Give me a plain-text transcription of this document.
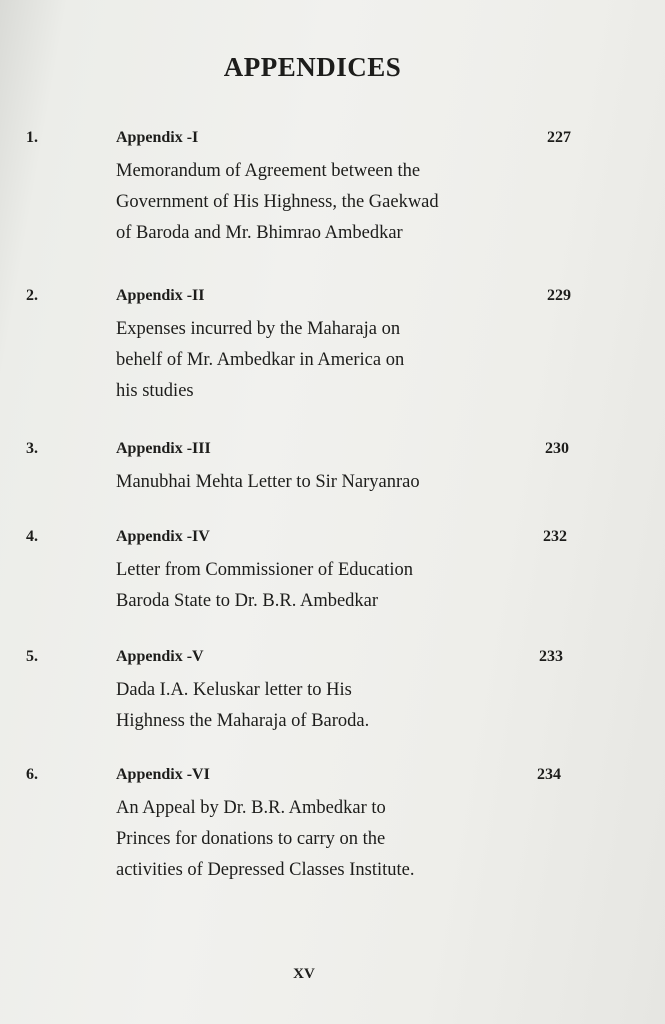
APPENDICES
1.	Appendix -I	227
Memorandum of Agreement between the
Government of His Highness, the Gaekwad
of Baroda and Mr. Bhimrao Ambedkar
2.	Appendix -II	229
Expenses incurred by the Maharaja on
behelf of Mr. Ambedkar in America on
his studies
3.	Appendix -III	230
Manubhai Mehta Letter to Sir Naryanrao
4.	Appendix -IV	232
Letter from Commissioner of Education
Baroda State to Dr. B.R. Ambedkar
5.	Appendix -V	233
Dada I.A. Keluskar letter to His
Highness the Maharaja of Baroda.
6.	Appendix -VI	234
An Appeal by Dr. B.R. Ambedkar to
Princes for donations to carry on the
activities of Depressed Classes Institute.
XV
